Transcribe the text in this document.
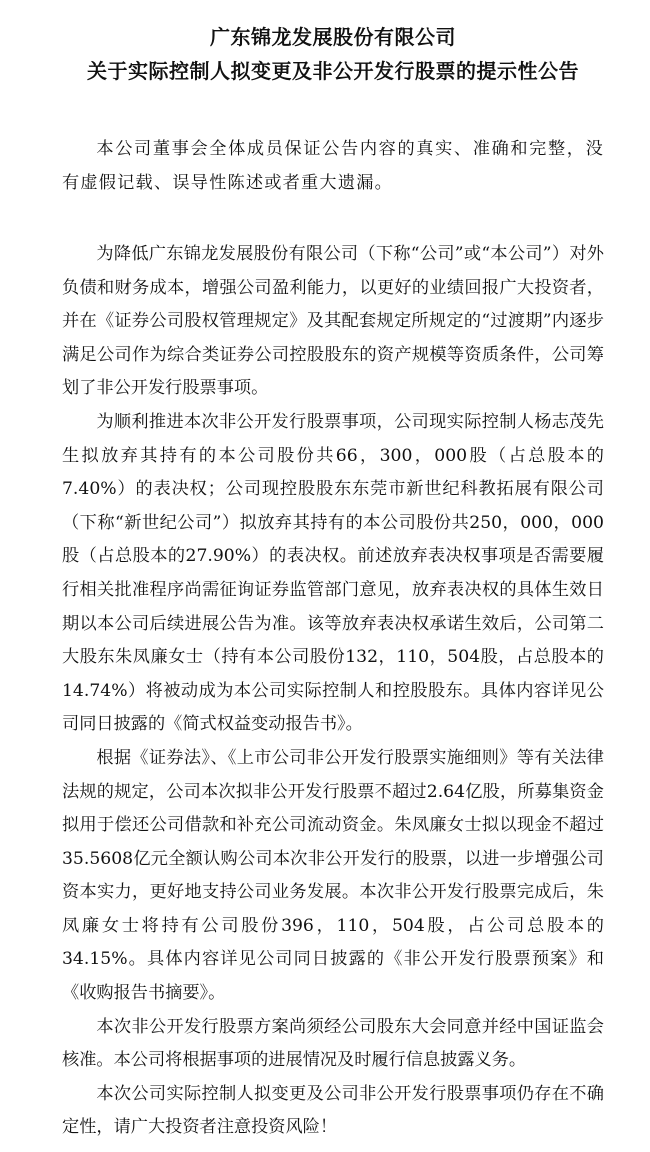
广东锦龙发展股份有限公司
关于实际控制人拟变更及非公开发行股票的提示性公告

本公司董事会全体成员保证公告内容的真实、准确和完整，没有虚假记载、误导性陈述或者重大遗漏。

为降低广东锦龙发展股份有限公司（下称“公司”或“本公司”）对外负债和财务成本，增强公司盈利能力，以更好的业绩回报广大投资者，并在《证券公司股权管理规定》及其配套规定所规定的“过渡期”内逐步满足公司作为综合类证券公司控股股东的资产规模等资质条件，公司筹划了非公开发行股票事项。

为顺利推进本次非公开发行股票事项，公司现实际控制人杨志茂先生拟放弃其持有的本公司股份共66，300，000股（占总股本的7.40%）的表决权；公司现控股股东东莞市新世纪科教拓展有限公司（下称“新世纪公司”）拟放弃其持有的本公司股份共250，000，000股（占总股本的27.90%）的表决权。前述放弃表决权事项是否需要履行相关批准程序尚需征询证券监管部门意见，放弃表决权的具体生效日期以本公司后续进展公告为准。该等放弃表决权承诺生效后，公司第二大股东朱凤廉女士（持有本公司股份132，110，504股，占总股本的14.74%）将被动成为本公司实际控制人和控股股东。具体内容详见公司同日披露的《简式权益变动报告书》。

根据《证券法》、《上市公司非公开发行股票实施细则》等有关法律法规的规定，公司本次拟非公开发行股票不超过2.64亿股，所募集资金拟用于偿还公司借款和补充公司流动资金。朱凤廉女士拟以现金不超过35.5608亿元全额认购公司本次非公开发行的股票，以进一步增强公司资本实力，更好地支持公司业务发展。本次非公开发行股票完成后，朱凤廉女士将持有公司股份396，110，504股，占公司总股本的34.15%。具体内容详见公司同日披露的《非公开发行股票预案》和《收购报告书摘要》。

本次非公开发行股票方案尚须经公司股东大会同意并经中国证监会核准。本公司将根据事项的进展情况及时履行信息披露义务。

本次公司实际控制人拟变更及公司非公开发行股票事项仍存在不确定性，请广大投资者注意投资风险！
